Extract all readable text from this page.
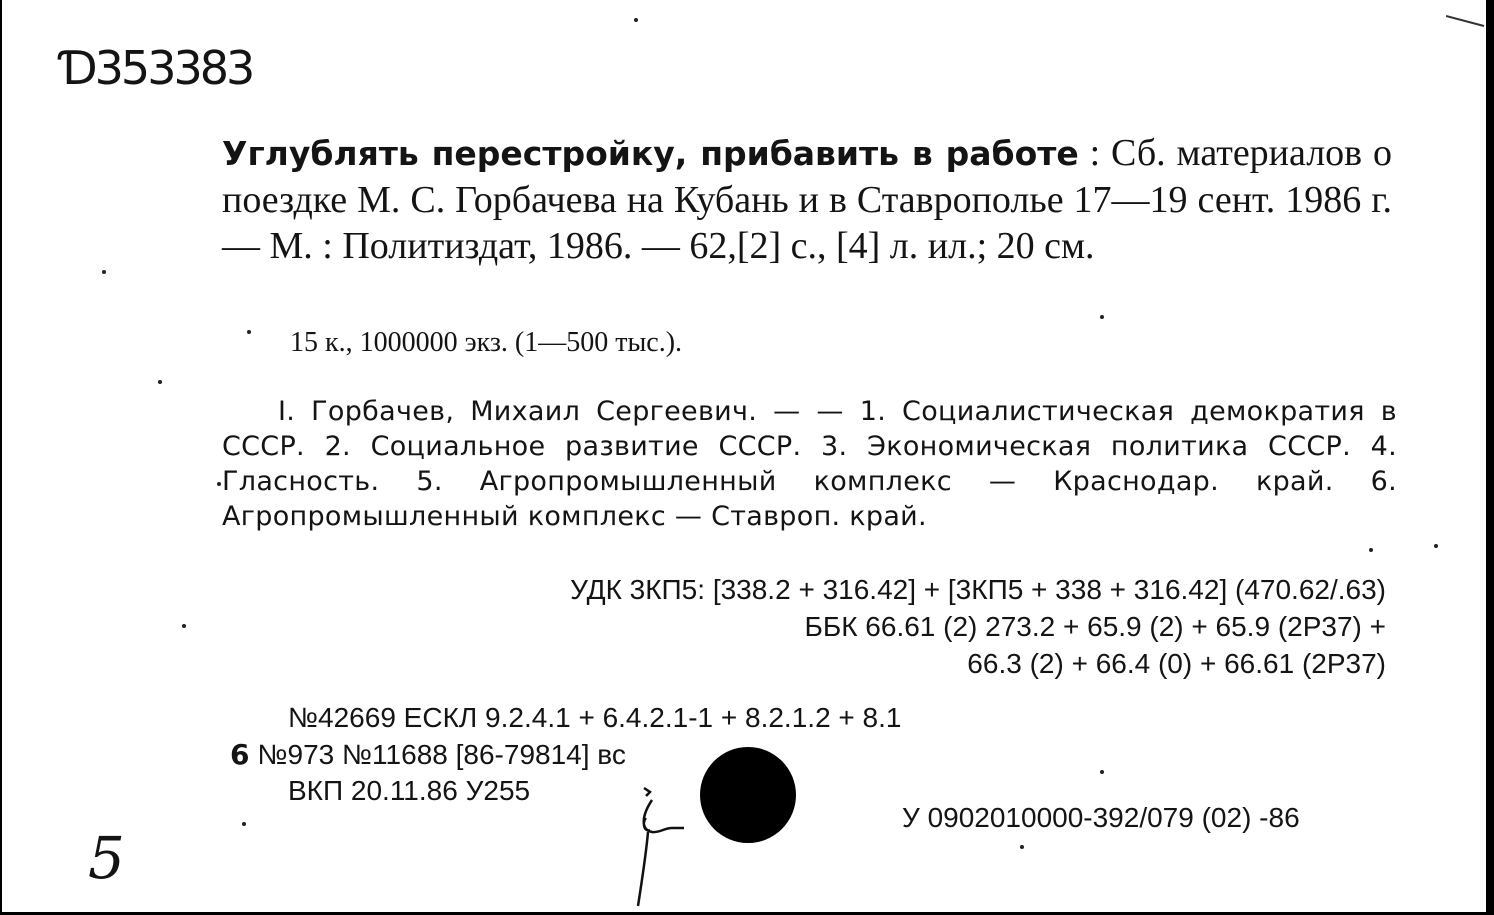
Ɗ353383
Углублять перестройку, прибавить в работе : Сб. материалов о поездке М. С. Горбачева на Кубань и в Ставрополье 17—19 сент. 1986 г. — М. : Политиздат, 1986. — 62,[2] с., [4] л. ил.; 20 см.
15 к., 1000000 экз. (1—500 тыс.).
I. Горбачев, Михаил Сергеевич. — — 1. Социалистическая демократия в СССР. 2. Социальное развитие СССР. 3. Экономическая политика СССР. 4. Гласность. 5. Агропромышленный комплекс — Краснодар. край. 6. Агропромышленный комплекс — Ставроп. край.
УДК 3КП5: [338.2 + 316.42] + [3КП5 + 338 + 316.42] (470.62/.63)
ББК 66.61 (2) 273.2 + 65.9 (2) + 65.9 (2Р37) +
66.3 (2) + 66.4 (0) + 66.61 (2Р37)
№42669 ЕСКЛ 9.2.4.1 + 6.4.2.1-1 + 8.2.1.2 + 8.1
6 №973 №11688 [86-79814] вс
ВКП 20.11.86 У255
У 0902010000-392/079 (02) -86
5
